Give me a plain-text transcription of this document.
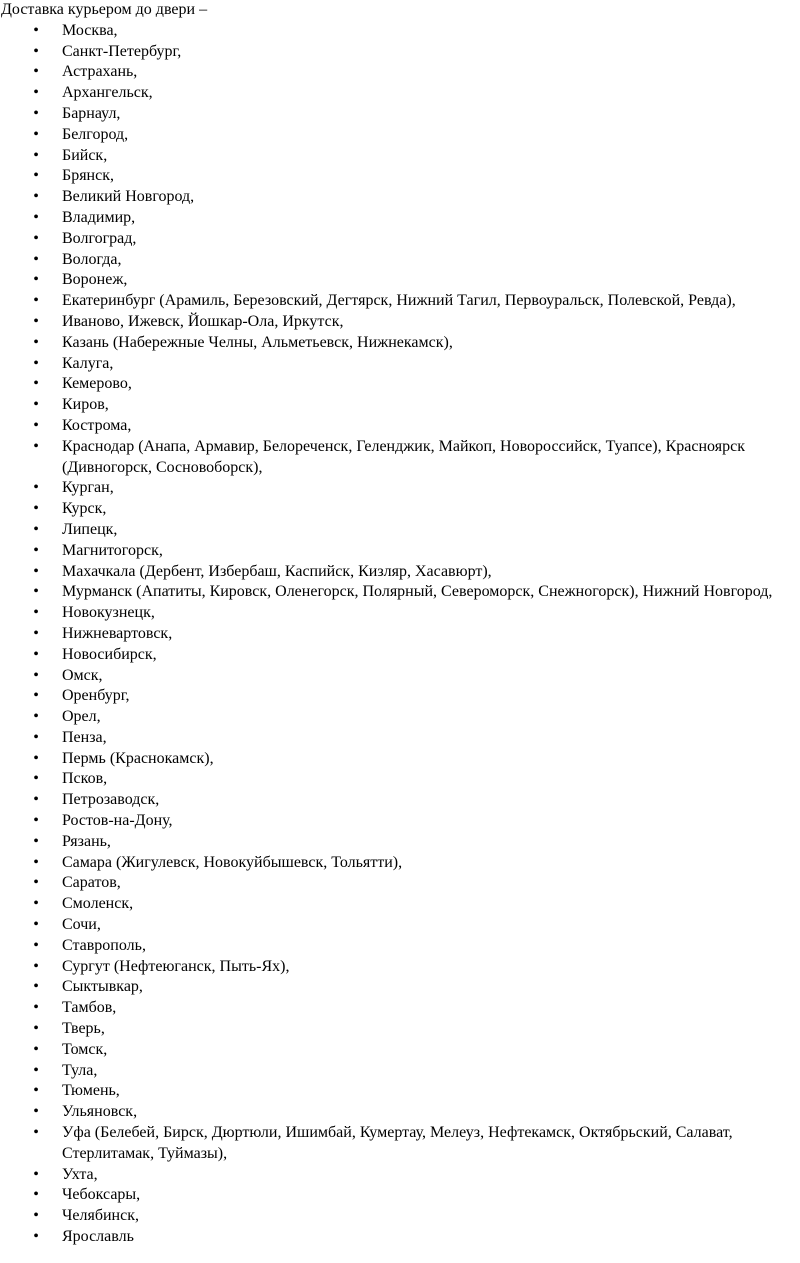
Доставка курьером до двери –
• Москва,
• Санкт-Петербург,
• Астрахань,
• Архангельск,
• Барнаул,
• Белгород,
• Бийск,
• Брянск,
• Великий Новгород,
• Владимир,
• Волгоград,
• Вологда,
• Воронеж,
• Екатеринбург (Арамиль, Березовский, Дегтярск, Нижний Тагил, Первоуральск, Полевской, Ревда),
• Иваново, Ижевск, Йошкар-Ола, Иркутск,
• Казань (Набережные Челны, Альметьевск, Нижнекамск),
• Калуга,
• Кемерово,
• Киров,
• Кострома,
• Краснодар (Анапа, Армавир, Белореченск, Геленджик, Майкоп, Новороссийск, Туапсе), Красноярск (Дивногорск, Сосновоборск),
• Курган,
• Курск,
• Липецк,
• Магнитогорск,
• Махачкала (Дербент, Избербаш, Каспийск, Кизляр, Хасавюрт),
• Мурманск (Апатиты, Кировск, Оленегорск, Полярный, Североморск, Снежногорск), Нижний Новгород,
• Новокузнецк,
• Нижневартовск,
• Новосибирск,
• Омск,
• Оренбург,
• Орел,
• Пенза,
• Пермь (Краснокамск),
• Псков,
• Петрозаводск,
• Ростов-на-Дону,
• Рязань,
• Самара (Жигулевск, Новокуйбышевск, Тольятти),
• Саратов,
• Смоленск,
• Сочи,
• Ставрополь,
• Сургут (Нефтеюганск, Пыть-Ях),
• Сыктывкар,
• Тамбов,
• Тверь,
• Томск,
• Тула,
• Тюмень,
• Ульяновск,
• Уфа (Белебей, Бирск, Дюртюли, Ишимбай, Кумертау, Мелеуз, Нефтекамск, Октябрьский, Салават, Стерлитамак, Туймазы),
• Ухта,
• Чебоксары,
• Челябинск,
• Ярославль
